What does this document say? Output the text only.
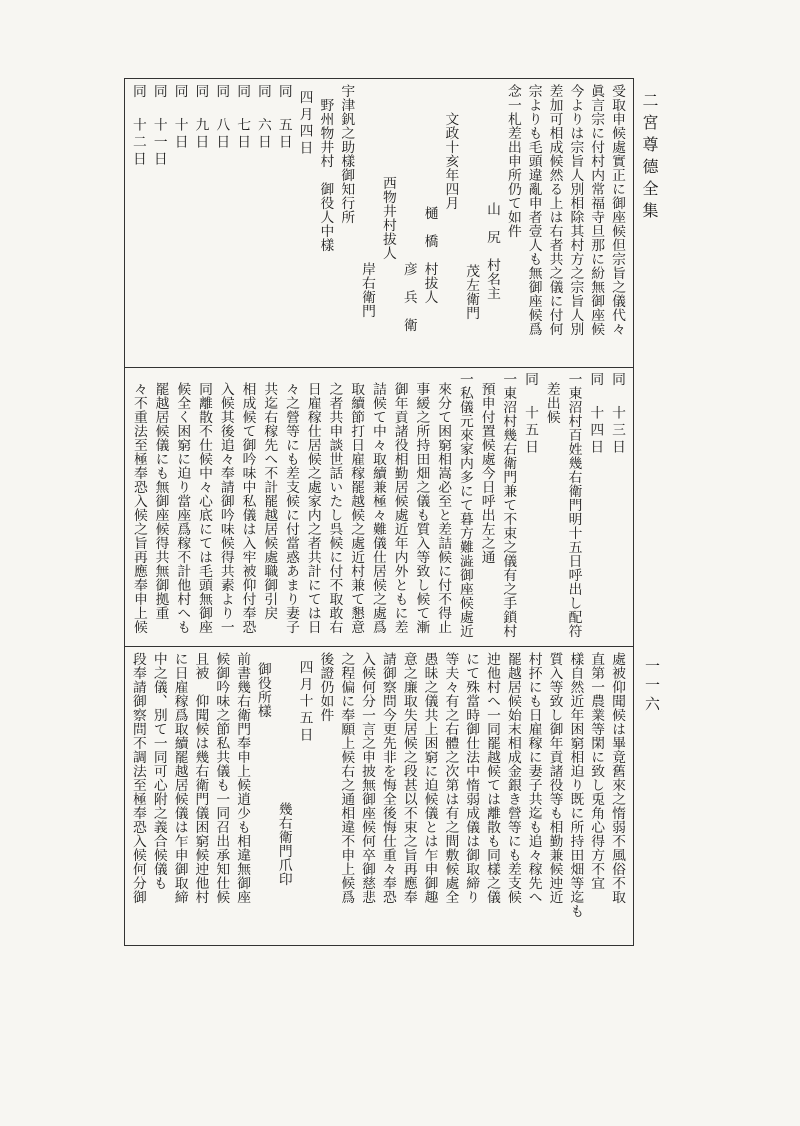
二宮尊德全集
一一六
受取申候處實正に御座候但宗旨之儀代々
眞言宗に付村内常福寺旦那に紛無御座候
今よりは宗旨人別相除其村方之宗旨人別
差加可相成候然る上は右者共之儀に付何
宗よりも毛頭違亂申者壹人も無御座候爲
念一札差出申所仍て如件
山　尻　村名主
茂左衛門
文政十亥年四月
樋　橋　村拔人
彦　兵　衛
西物井村拔人
岸右衛門
宇津釩之助樣御知行所
野州物井村　御役人中樣
四月四日
同　五日
同　六日
同　七日
同　八日
同　九日
同　十日
同　十一日
同　十二日
同　十三日
同　十四日
一東沼村百姓幾右衛門明十五日呼出し配符
差出候
同　十五日
一東沼村幾右衛門兼て不束之儀有之手鎖村
預申付置候處今日呼出左之通
一私儀元來家内多にて暮方難澁御座候處近
來分て困窮相嵩必至と差詰候に付不得止
事緩之所持田畑之儀も質入等致し候て漸
御年貢諸役相勤居候處近年内外ともに差
詰候て中々取續兼極々難儀仕居候之處爲
取續節打日雇稼罷越候之處近村兼て懇意
之者共申談世話いたし呉候に付不取敢右
日雇稼仕居候之處家内之者共計にては日
々之營等にも差支候に付當惑あまり妻子
共迄右稼先へ不計罷越居候處職御引戻
相成候て御吟味中私儀は入牢被仰付奉恐
入候其後追々奉請御吟味候得共素より一
同離散不仕候中々心底にては毛頭無御座
候全く困窮に迫り當座爲稼不計他村へも
罷越居候儀にも無御座候得共無御拠重
々不重法至極奉恐入候之旨再應奉申上候
處被仰聞候は畢竟舊來之惰弱不風俗不取
直第一農業等閑に致し兎角心得方不宜
樣自然近年困窮相迫り既に所持田畑等迄も
質入等致し御年貢諸役等も相勤兼候迚近
村抔にも日雇稼に妻子共迄も追々稼先へ
罷越居候始末相成金銀き營等にも差支候
迚他村へ一同罷越候ては離散も同樣之儀
にて殊當時御仕法中惰弱成儀は御取締り
等夫々有之右體之次第は有之間敷候處全
愚昧之儀共上困窮に迫候儀とは乍申御趣
意之廉取失居候之段甚以不束之旨再應奉
請御察問今更先非を悔全後悔仕重々奉恐
入候何分一言之申披無御座候何卒御慈悲
之程偏に奉願上候右之通相違不申上候爲
後證仍如件
四月十五日
幾右衛門爪印
御役所樣
前書幾右衛門奉申上候逍少も相違無御座
候御吟味之節私共儀も一同召出承知仕候
且被　仰聞候は幾右衛門儀困窮候迚他村
に日雇稼爲取續罷越居候儀は乍申御取締
中之儀、別て一同可心附之義合候儀も
段奉請御察問不調法至極奉恐入候何分御
